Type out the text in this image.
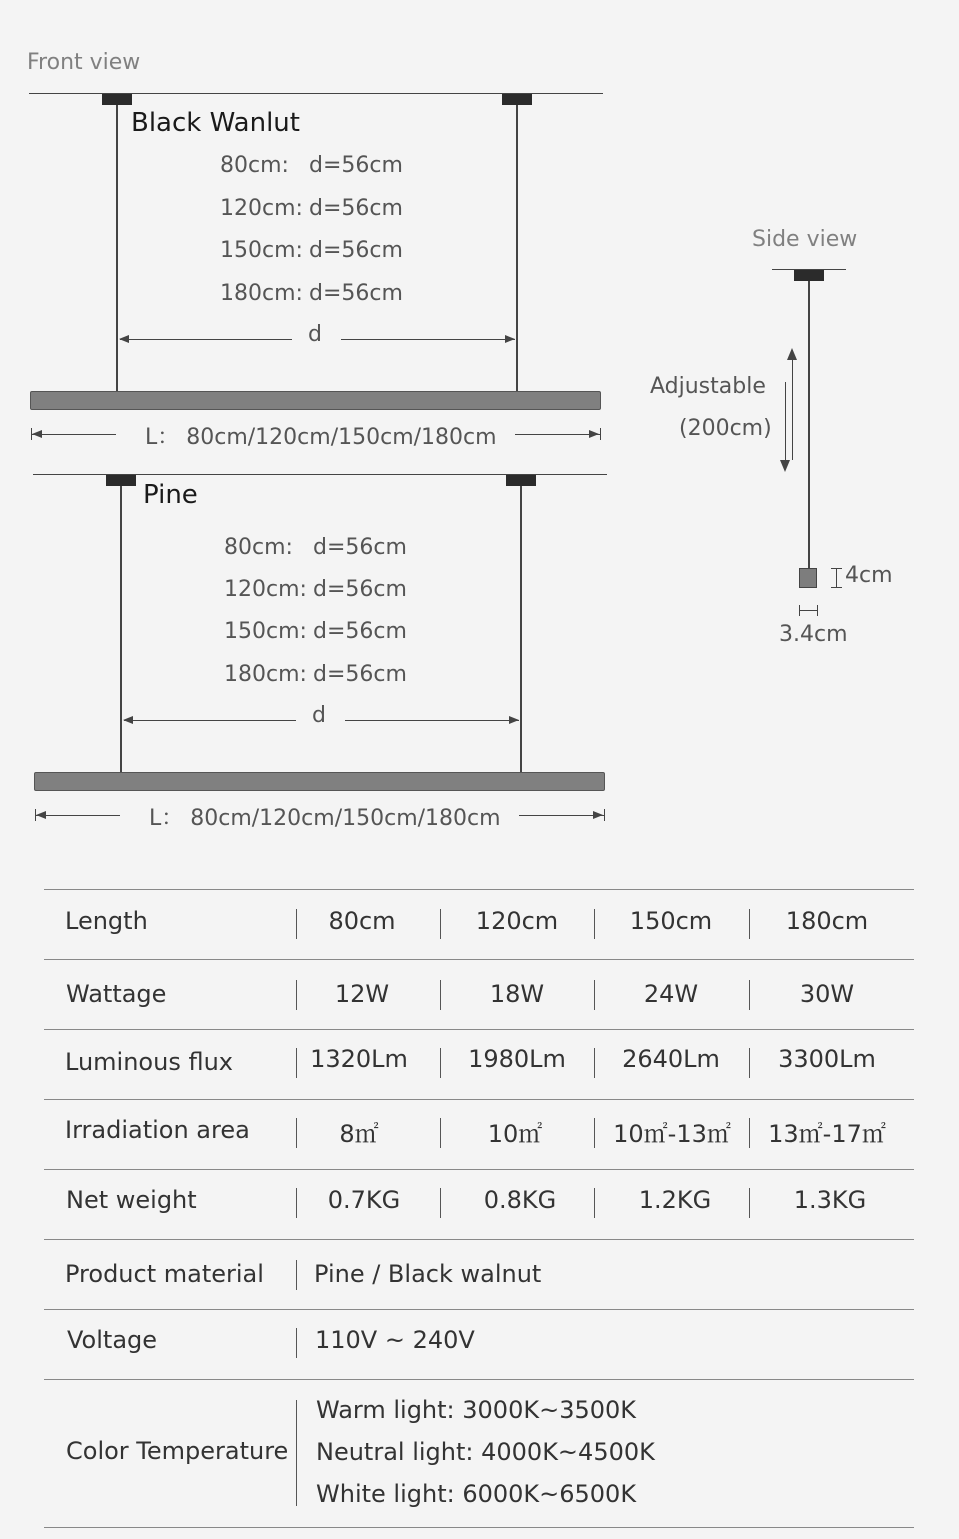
Front view
Black Wanlut
80cm: d=56cm
120cm: d=56cm
150cm: d=56cm
180cm: d=56cm
d
L： 80cm/120cm/150cm/180cm
Pine
80cm: d=56cm
120cm: d=56cm
150cm: d=56cm
180cm: d=56cm
d
L： 80cm/120cm/150cm/180cm
Side view
Adjustable
(200cm)
4cm
3.4cm
Length	80cm	120cm	150cm	180cm
Wattage	12W	18W	24W	30W
Luminous flux	1320Lm	1980Lm 2640Lm 3300Lm
Irradiation area	8㎡	10㎡	10㎡-13㎡ 13㎡-17㎡
Net weight	0.7KG	0.8KG	1.2KG	1.3KG
Product material Pine / Black walnut
Voltage	110V ~ 240V
Color Temperature
Warm light: 3000K~3500K
Neutral light: 4000K~4500K
White light: 6000K~6500K
